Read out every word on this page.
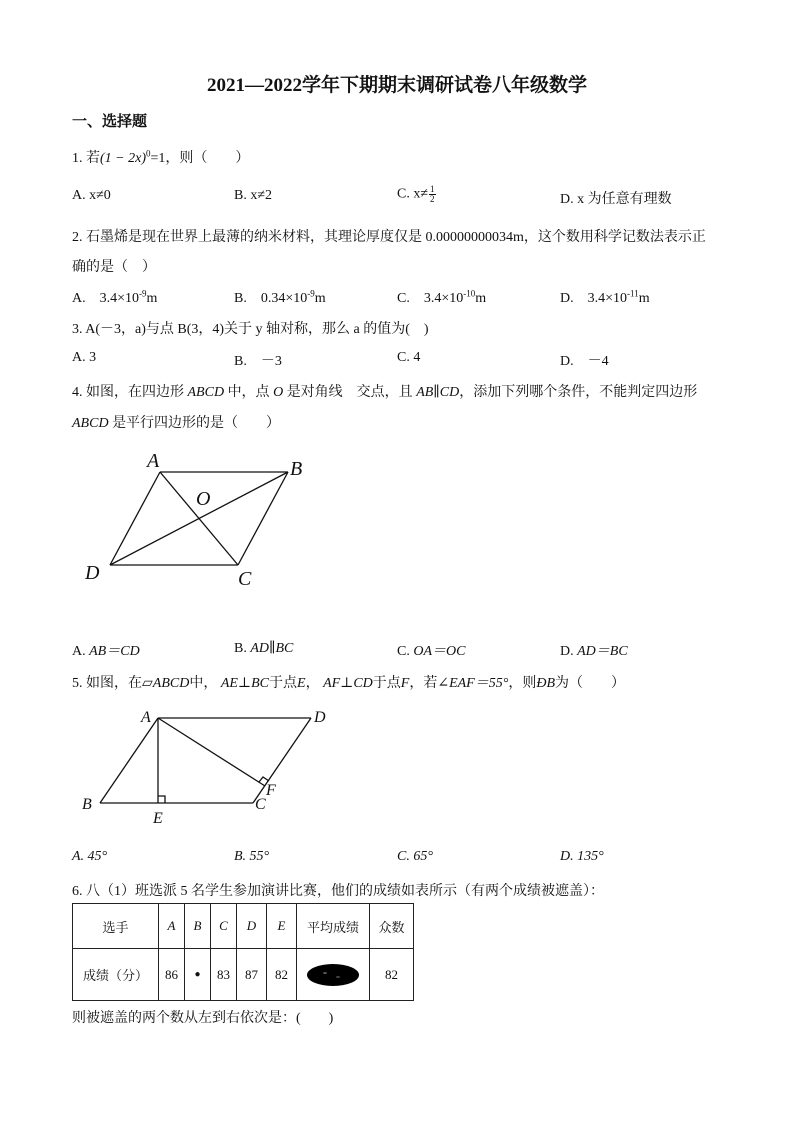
2021—2022学年下期期末调研试卷八年级数学
一、选择题
1. 若$(1 - 2x)^0=1$，则（　　）
A. x≠0	B. x≠2	C. $x\ne \frac{1}{2}$	D. x 为任意有理数
2. 石墨烯是现在世界上最薄的纳米材料，其理论厚度仅是 0.00000000034m，这个数用科学记数法表示正
确的是（　）
A.　$3.4\times 10^{-9}m$	B.　$0.34\times 10^{-9}m$	C.　$3.4\times 10^{-10}m$	D.　$3.4\times 10^{-11}m$
3. A(－3，a)与点 B(3，4)关于 y 轴对称，那么 a 的值为(　)
A. 3	B.　－3	C. 4	D.　－4
4. 如图，在四边形 ABCD 中，点 O 是对角线　交点，且 AB∥CD，添加下列哪个条件，不能判定四边形
ABCD 是平行四边形的是（　　）
A	B
C
D
O
A. AB＝CD	B. AD∥BC	C. OA＝OC	D. AD＝BC
5. 如图，在▱ABCD中， AE⊥BC于点E， AF⊥CD于点F，若∠EAF＝55°，则ÐB为（　　）
A	D
B
E
C
F
A. 45°	B. 55°	C. 65°	D. 135°
6. 八（1）班选派 5 名学生参加演讲比赛，他们的成绩如表所示（有两个成绩被遮盖）：
选手	A	B	C	D	E	平均成绩	众数
成绩（分）	86	●	83	87	82		82
则被遮盖的两个数从左到右依次是：(　　)
